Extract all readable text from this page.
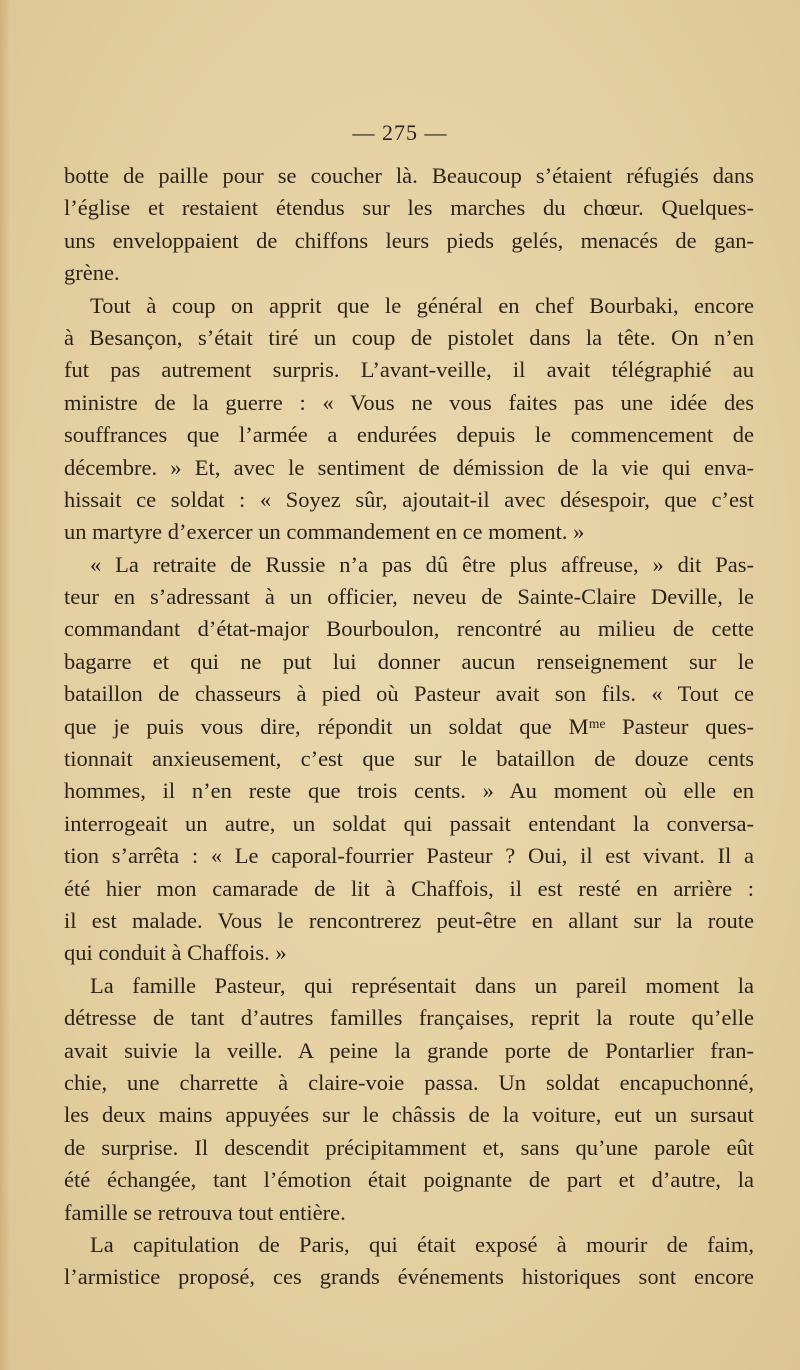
— 275 —
botte de paille pour se coucher là. Beaucoup s’étaient réfugiés dans
l’église et restaient étendus sur les marches du chœur. Quelques-
uns enveloppaient de chiffons leurs pieds gelés, menacés de gan-
grène.
Tout à coup on apprit que le général en chef Bourbaki, encore
à Besançon, s’était tiré un coup de pistolet dans la tête. On n’en
fut pas autrement surpris. L’avant-veille, il avait télégraphié au
ministre de la guerre : « Vous ne vous faites pas une idée des
souffrances que l’armée a endurées depuis le commencement de
décembre. » Et, avec le sentiment de démission de la vie qui enva-
hissait ce soldat : « Soyez sûr, ajoutait-il avec désespoir, que c’est
un martyre d’exercer un commandement en ce moment. »
« La retraite de Russie n’a pas dû être plus affreuse, » dit Pas-
teur en s’adressant à un officier, neveu de Sainte-Claire Deville, le
commandant d’état-major Bourboulon, rencontré au milieu de cette
bagarre et qui ne put lui donner aucun renseignement sur le
bataillon de chasseurs à pied où Pasteur avait son fils. « Tout ce
que je puis vous dire, répondit un soldat que Mᵐᵉ Pasteur ques-
tionnait anxieusement, c’est que sur le bataillon de douze cents
hommes, il n’en reste que trois cents. » Au moment où elle en
interrogeait un autre, un soldat qui passait entendant la conversa-
tion s’arrêta : « Le caporal-fourrier Pasteur ? Oui, il est vivant. Il a
été hier mon camarade de lit à Chaffois, il est resté en arrière :
il est malade. Vous le rencontrerez peut-être en allant sur la route
qui conduit à Chaffois. »
La famille Pasteur, qui représentait dans un pareil moment la
détresse de tant d’autres familles françaises, reprit la route qu’elle
avait suivie la veille. A peine la grande porte de Pontarlier fran-
chie, une charrette à claire-voie passa. Un soldat encapuchonné,
les deux mains appuyées sur le châssis de la voiture, eut un sursaut
de surprise. Il descendit précipitamment et, sans qu’une parole eût
été échangée, tant l’émotion était poignante de part et d’autre, la
famille se retrouva tout entière.
La capitulation de Paris, qui était exposé à mourir de faim,
l’armistice proposé, ces grands événements historiques sont encore
